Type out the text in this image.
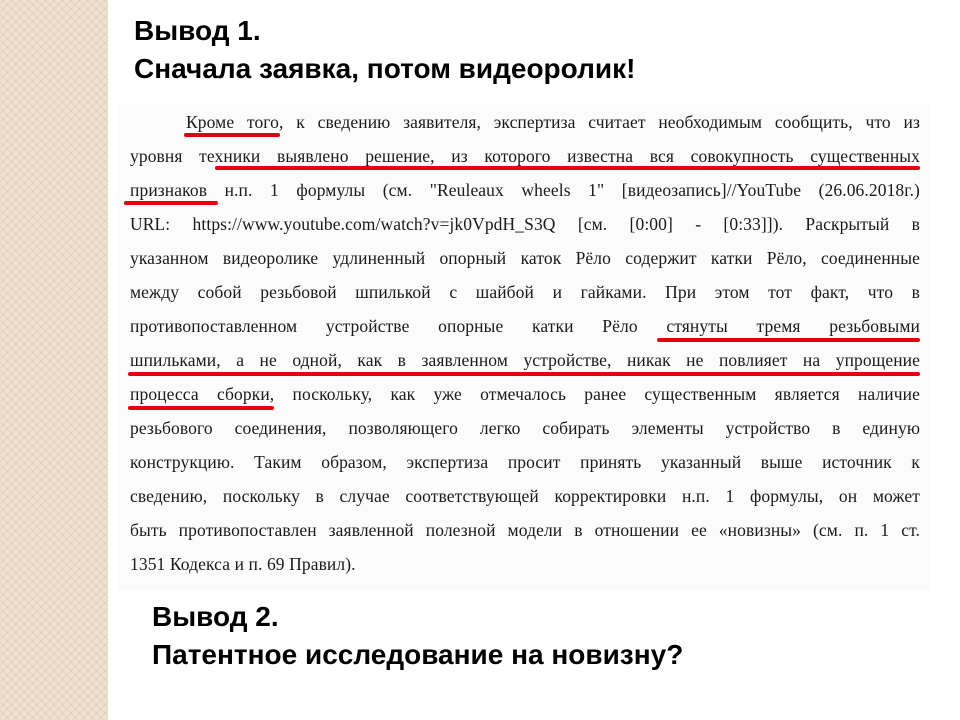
Вывод 1.
Сначала заявка, потом видеоролик!
Кроме того, к сведению заявителя, экспертиза считает необходимым сообщить, что из
уровня техники выявлено решение, из которого известна вся совокупность существенных
признаков н.п. 1 формулы (см. "Reuleaux wheels 1" [видеозапись]//YouTube (26.06.2018г.)
URL: https://www.youtube.com/watch?v=jk0VpdH_S3Q [см. [0:00] - [0:33]]). Раскрытый в
указанном видеоролике удлиненный опорный каток Рёло содержит катки Рёло, соединенные
между собой резьбовой шпилькой с шайбой и гайками. При этом тот факт, что в
противопоставленном устройстве опорные катки Рёло стянуты тремя резьбовыми
шпильками, а не одной, как в заявленном устройстве, никак не повлияет на упрощение
процесса сборки, поскольку, как уже отмечалось ранее существенным является наличие
резьбового соединения, позволяющего легко собирать элементы устройство в единую
конструкцию. Таким образом, экспертиза просит принять указанный выше источник к
сведению, поскольку в случае соответствующей корректировки н.п. 1 формулы, он может
быть противопоставлен заявленной полезной модели в отношении ее «новизны» (см. п. 1 ст.
1351 Кодекса и п. 69 Правил).
Вывод 2.
Патентное исследование на новизну?
